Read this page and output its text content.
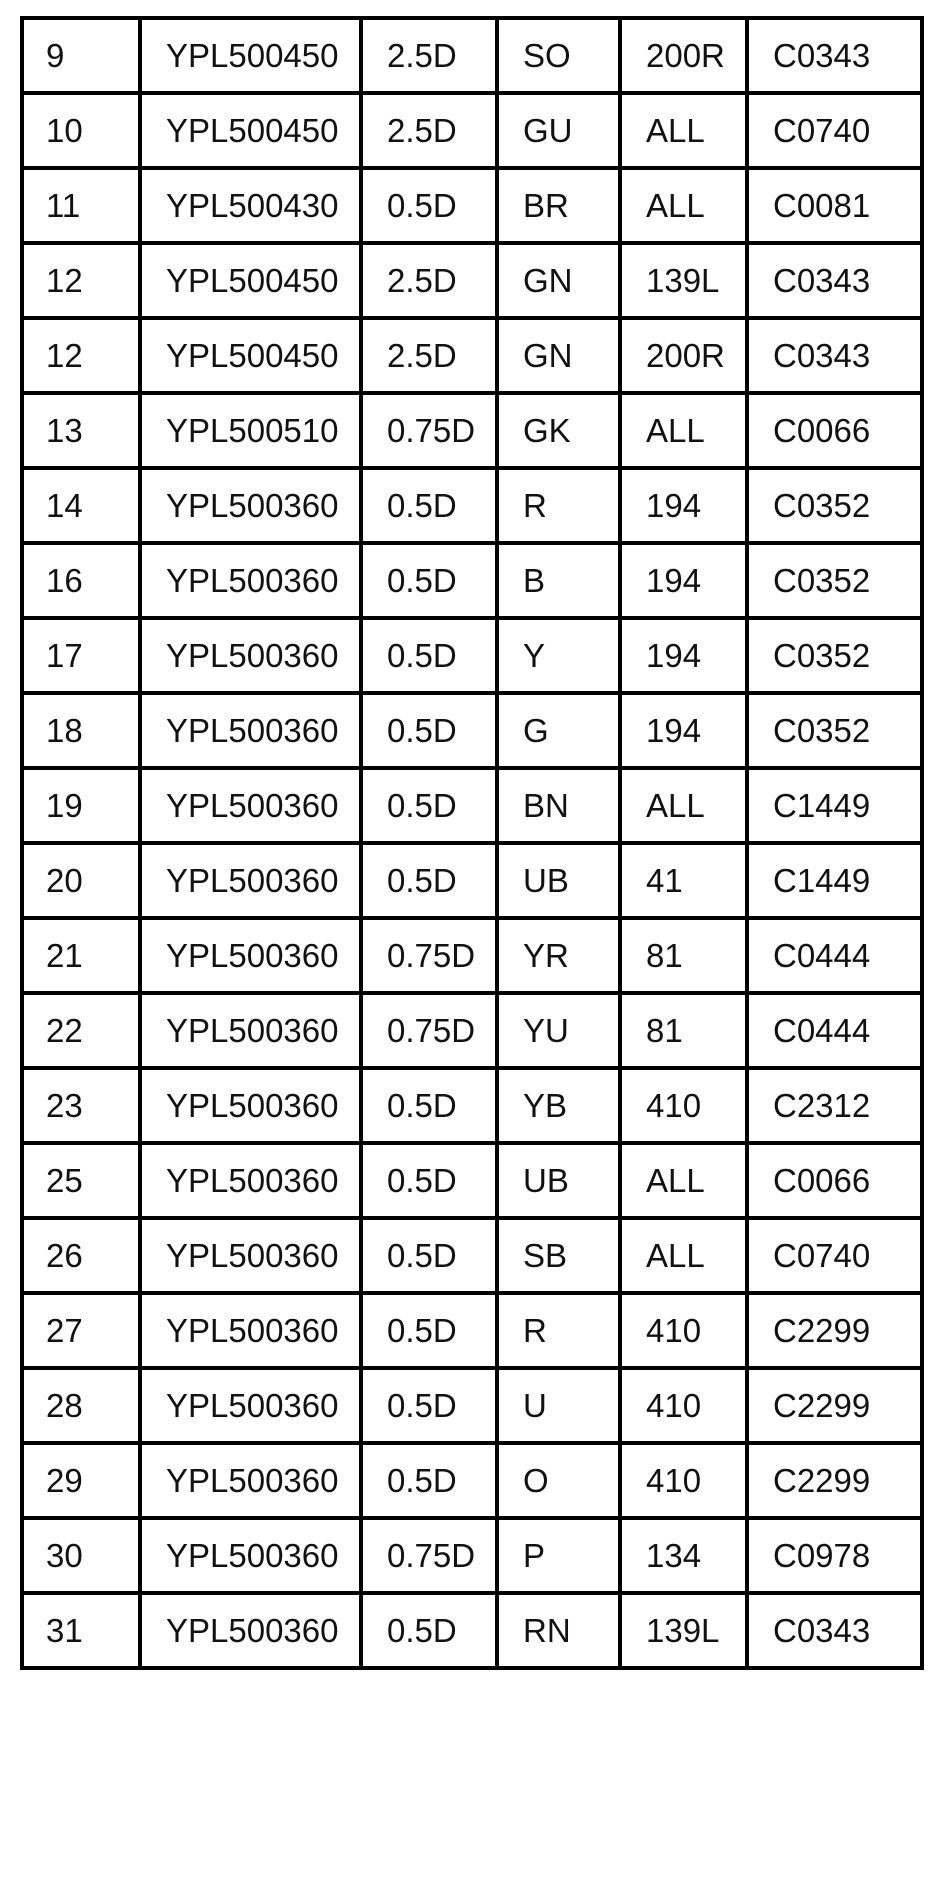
9	YPL500450	2.5D	SO	200R	C0343
10	YPL500450	2.5D	GU	ALL	C0740
11	YPL500430	0.5D	BR	ALL	C0081
12	YPL500450	2.5D	GN	139L	C0343
12	YPL500450	2.5D	GN	200R	C0343
13	YPL500510	0.75D	GK	ALL	C0066
14	YPL500360	0.5D	R	194	C0352
16	YPL500360	0.5D	B	194	C0352
17	YPL500360	0.5D	Y	194	C0352
18	YPL500360	0.5D	G	194	C0352
19	YPL500360	0.5D	BN	ALL	C1449
20	YPL500360	0.5D	UB	41	C1449
21	YPL500360	0.75D	YR	81	C0444
22	YPL500360	0.75D	YU	81	C0444
23	YPL500360	0.5D	YB	410	C2312
25	YPL500360	0.5D	UB	ALL	C0066
26	YPL500360	0.5D	SB	ALL	C0740
27	YPL500360	0.5D	R	410	C2299
28	YPL500360	0.5D	U	410	C2299
29	YPL500360	0.5D	O	410	C2299
30	YPL500360	0.75D	P	134	C0978
31	YPL500360	0.5D	RN	139L	C0343
